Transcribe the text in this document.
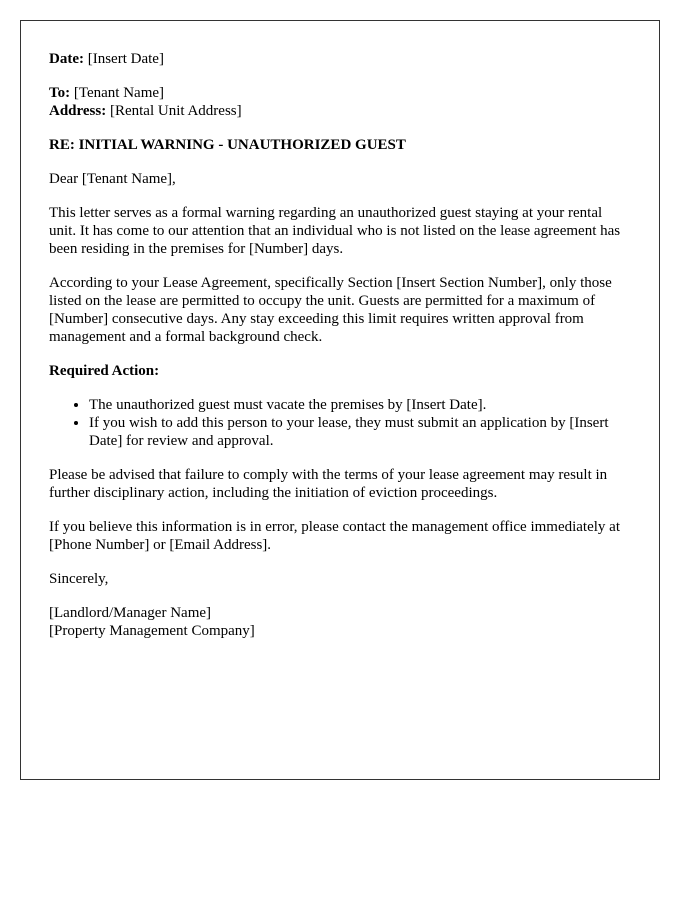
Date: [Insert Date]

To: [Tenant Name]

Address: [Rental Unit Address]

RE: INITIAL WARNING - UNAUTHORIZED GUEST

Dear [Tenant Name],

This letter serves as a formal warning regarding an unauthorized guest staying at your rental unit. It has come to our attention that an individual who is not listed on the lease agreement has been residing in the premises for [Number] days.

According to your Lease Agreement, specifically Section [Insert Section Number], only those listed on the lease are permitted to occupy the unit. Guests are permitted for a maximum of [Number] consecutive days. Any stay exceeding this limit requires written approval from management and a formal background check.

Required Action:

• The unauthorized guest must vacate the premises by [Insert Date].
• If you wish to add this person to your lease, they must submit an application by [Insert Date] for review and approval.

Please be advised that failure to comply with the terms of your lease agreement may result in further disciplinary action, including the initiation of eviction proceedings.

If you believe this information is in error, please contact the management office immediately at [Phone Number] or [Email Address].

Sincerely,

[Landlord/Manager Name]
[Property Management Company]
